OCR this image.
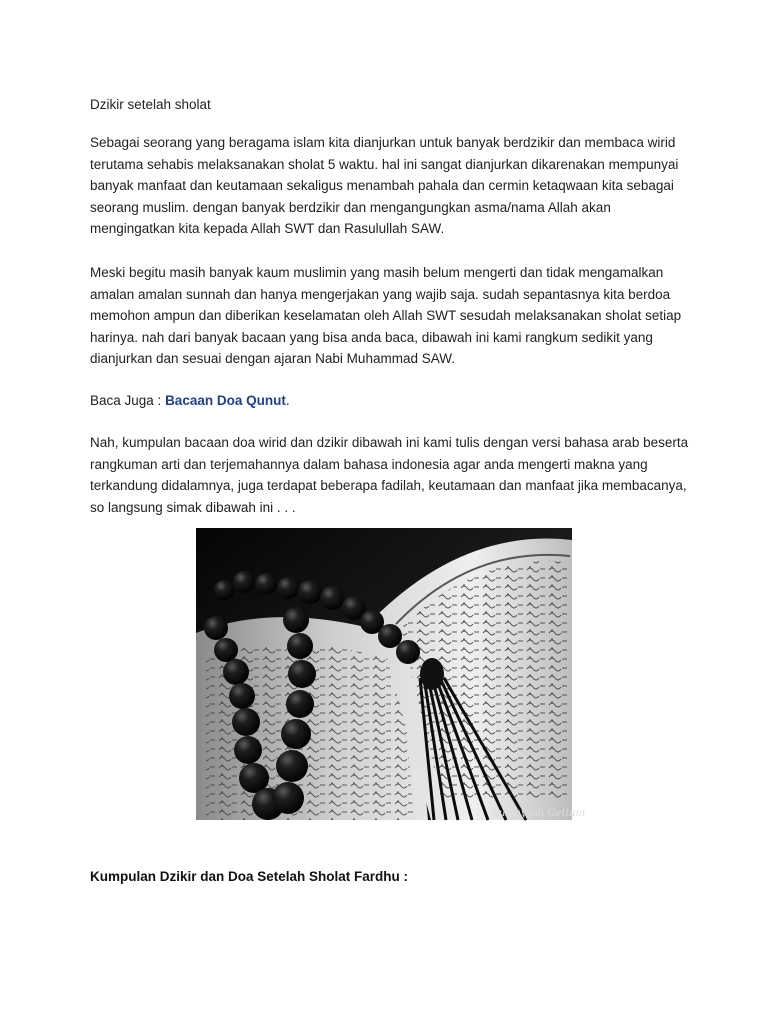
Dzikir setelah sholat
Sebagai seorang yang beragama islam kita dianjurkan untuk banyak berdzikir dan membaca wirid
terutama sehabis melaksanakan sholat 5 waktu. hal ini sangat dianjurkan dikarenakan mempunyai
banyak manfaat dan keutamaan sekaligus menambah pahala dan cermin ketaqwaan kita sebagai
seorang muslim. dengan banyak berdzikir dan mengangungkan asma/nama Allah akan
mengingatkan kita kepada Allah SWT dan Rasulullah SAW.
Meski begitu masih banyak kaum muslimin yang masih belum mengerti dan tidak mengamalkan
amalan amalan sunnah dan hanya mengerjakan yang wajib saja. sudah sepantasnya kita berdoa
memohon ampun dan diberikan keselamatan oleh Allah SWT sesudah melaksanakan sholat setiap
harinya. nah dari banyak bacaan yang bisa anda baca, dibawah ini kami rangkum sedikit yang
dianjurkan dan sesuai dengan ajaran Nabi Muhammad SAW.
Baca Juga : Bacaan Doa Qunut.
Nah, kumpulan bacaan doa wirid dan dzikir dibawah ini kami tulis dengan versi bahasa arab beserta
rangkuman arti dan terjemahannya dalam bahasa indonesia agar anda mengerti makna yang
terkandung didalamnya, juga terdapat beberapa fadilah, keutamaan dan manfaat jika membacanya,
so langsung simak dibawah ini . . .
Sumayyah Gettani
Kumpulan Dzikir dan Doa Setelah Sholat Fardhu :
